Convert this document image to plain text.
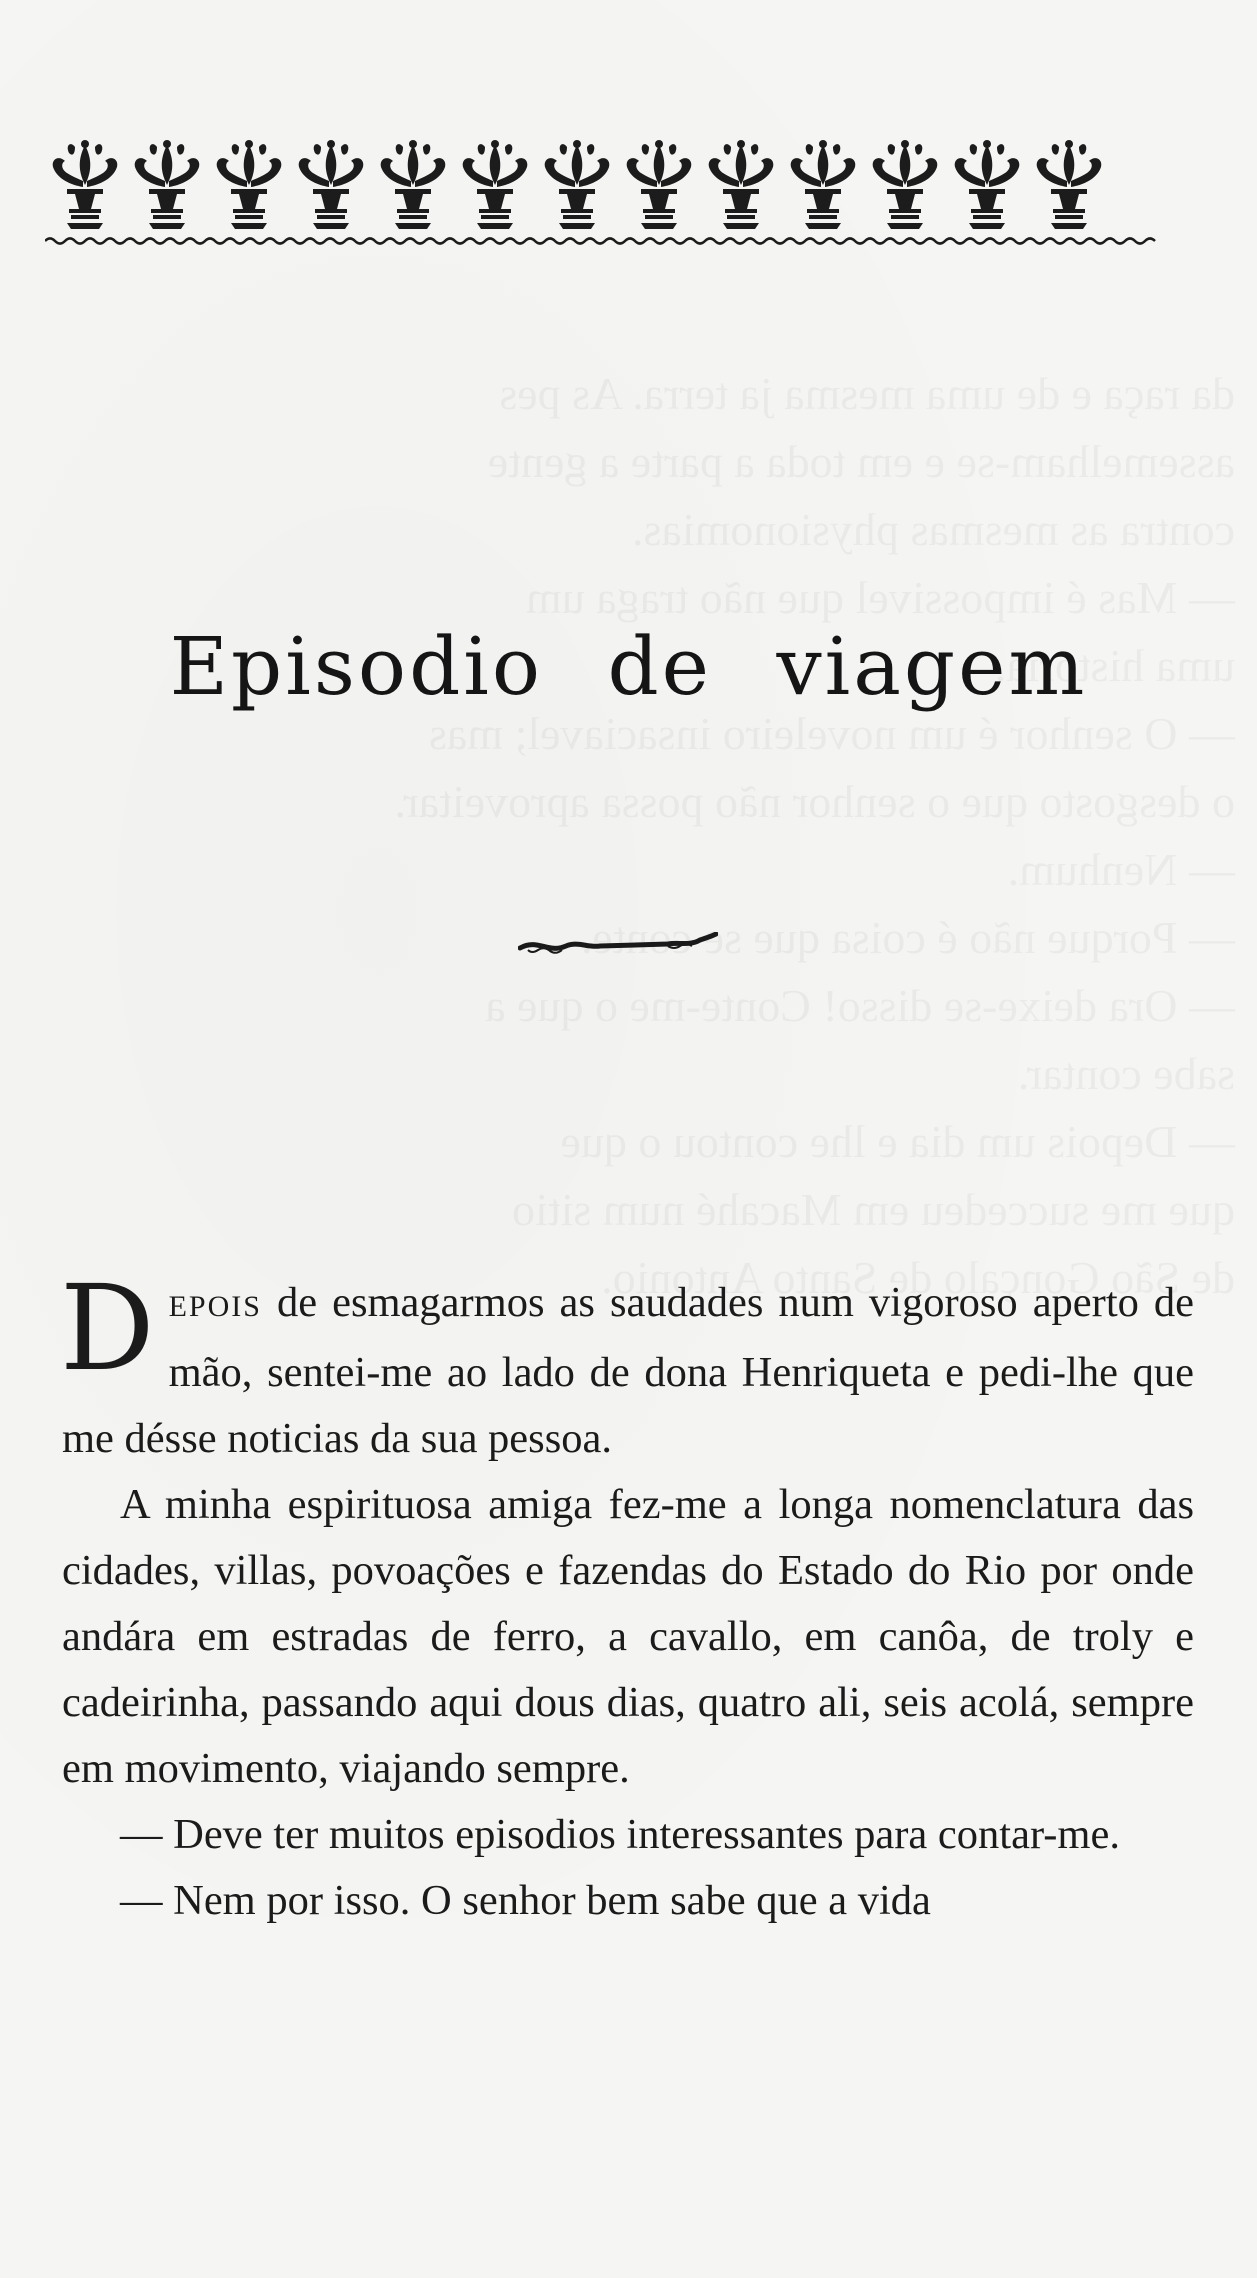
Episodio de viagem

DEPOIS de esmagarmos as saudades num vigoroso aperto de mão, sentei-me ao lado de dona Henriqueta e pedi-lhe que me désse noticias da sua pessoa.

A minha espirituosa amiga fez-me a longa nomenclatura das cidades, villas, povoações e fazendas do Estado do Rio por onde andára em estradas de ferro, a cavallo, em canôa, de troly e cadeirinha, passando aqui dous dias, quatro ali, seis acolá, sempre em movimento, viajando sempre.

— Deve ter muitos episodios interessantes para contar-me.

— Nem por isso. O senhor bem sabe que a vida
